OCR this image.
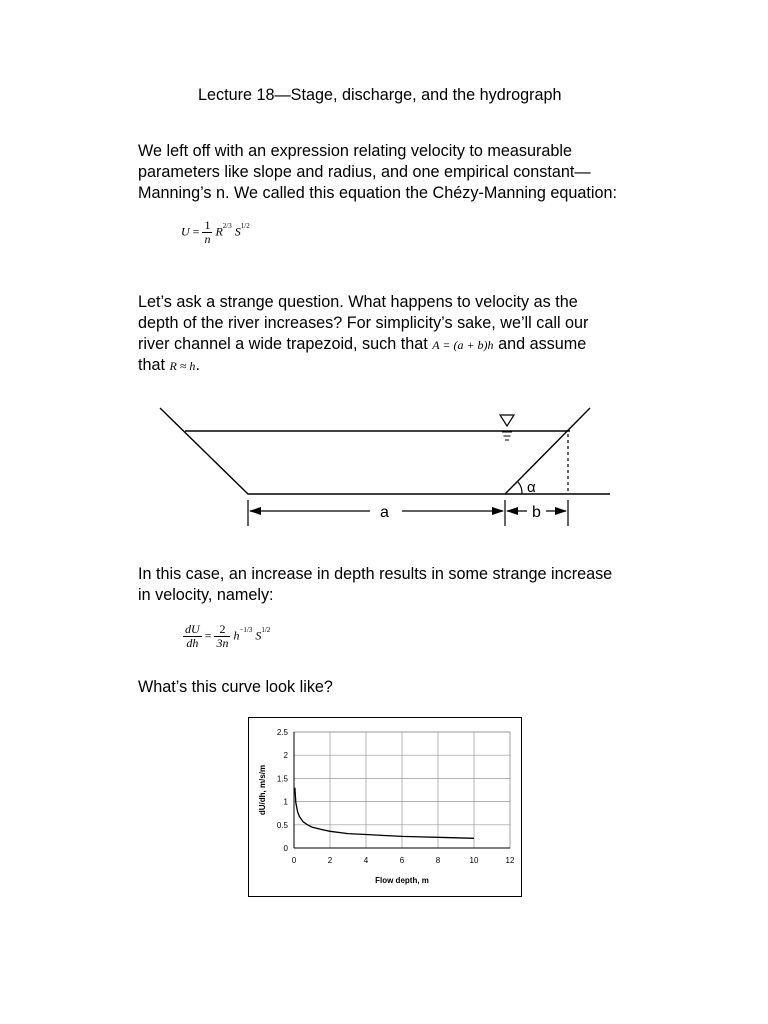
Lecture 18—Stage, discharge, and the hydrograph
We left off with an expression relating velocity to measurable
parameters like slope and radius, and one empirical constant—
Manning’s n. We called this equation the Chézy-Manning equation:
$U = \frac{1}{n} R^{2/3}$ $S^{1/2}$
Let’s ask a strange question. What happens to velocity as the
depth of the river increases? For simplicity’s sake, we’ll call our
river channel a wide trapezoid, such that A = (a + b)h and assume
that R ≈ h.
α
a	b
In this case, an increase in depth results in some strange increase
in velocity, namely:
$\frac{dU}{dh} = \frac{2}{3n} h^{-1/3}$ $S^{1/2}$
What’s this curve look like?
0
0.5
1
1.5
2
2.5
0	2	4	6	8	10	12
Flow depth, m
dU/dh, m/s/m
